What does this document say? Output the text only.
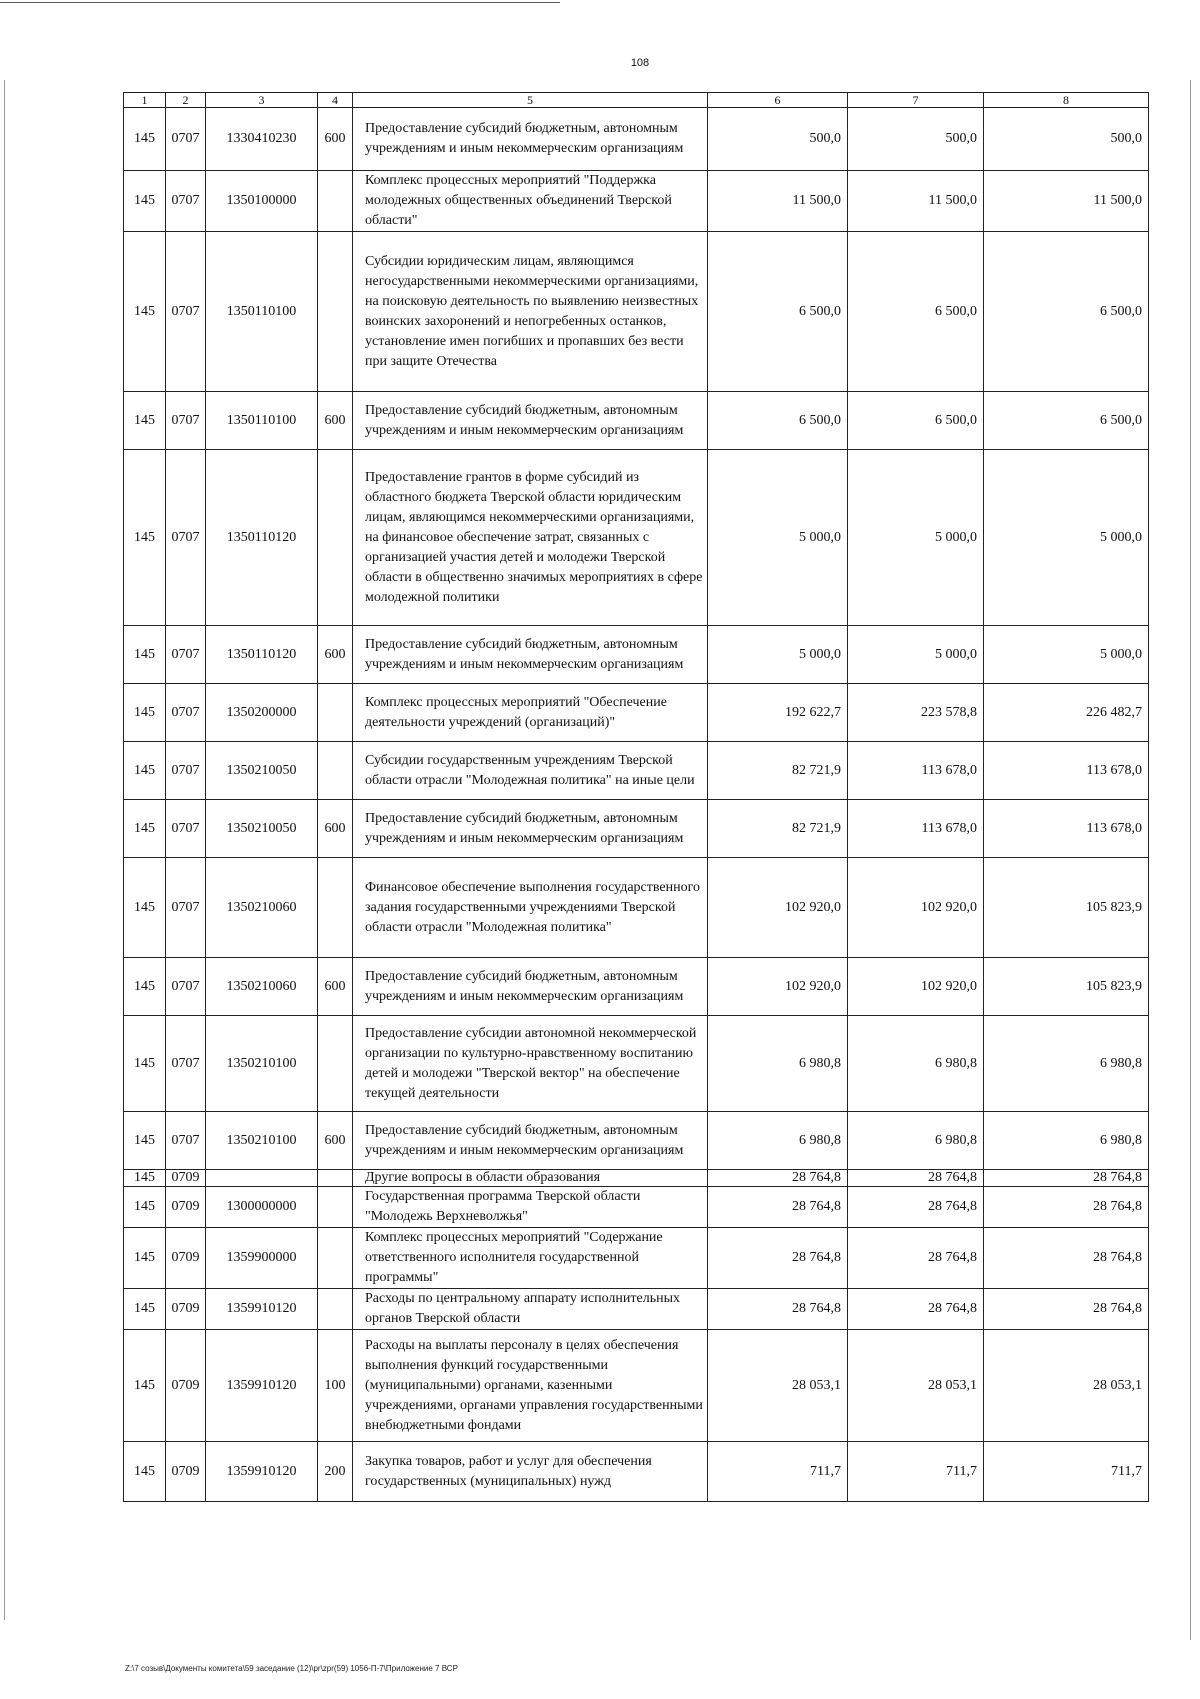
108
1	2	3	4	5	6	7	8
145	0707	1330410230	600	Предоставление субсидий бюджетным, автономным учреждениям и иным некоммерческим организациям	500,0	500,0	500,0
145	0707	1350100000		Комплекс процессных мероприятий "Поддержка молодежных общественных объединений Тверской области"	11 500,0	11 500,0	11 500,0
145	0707	1350110100		Субсидии юридическим лицам, являющимся негосударственными некоммерческими организациями, на поисковую деятельность по выявлению неизвестных воинских захоронений и непогребенных останков, установление имен погибших и пропавших без вести при защите Отечества	6 500,0	6 500,0	6 500,0
145	0707	1350110100	600	Предоставление субсидий бюджетным, автономным учреждениям и иным некоммерческим организациям	6 500,0	6 500,0	6 500,0
145	0707	1350110120		Предоставление грантов в форме субсидий из областного бюджета Тверской области юридическим лицам, являющимся некоммерческими организациями, на финансовое обеспечение затрат, связанных с организацией участия детей и молодежи Тверской области в общественно значимых мероприятиях в сфере молодежной политики	5 000,0	5 000,0	5 000,0
145	0707	1350110120	600	Предоставление субсидий бюджетным, автономным учреждениям и иным некоммерческим организациям	5 000,0	5 000,0	5 000,0
145	0707	1350200000		Комплекс процессных мероприятий "Обеспечение деятельности учреждений (организаций)"	192 622,7	223 578,8	226 482,7
145	0707	1350210050		Субсидии государственным учреждениям Тверской области отрасли "Молодежная политика" на иные цели	82 721,9	113 678,0	113 678,0
145	0707	1350210050	600	Предоставление субсидий бюджетным, автономным учреждениям и иным некоммерческим организациям	82 721,9	113 678,0	113 678,0
145	0707	1350210060		Финансовое обеспечение выполнения государственного задания государственными учреждениями Тверской области отрасли "Молодежная политика"	102 920,0	102 920,0	105 823,9
145	0707	1350210060	600	Предоставление субсидий бюджетным, автономным учреждениям и иным некоммерческим организациям	102 920,0	102 920,0	105 823,9
145	0707	1350210100		Предоставление субсидии автономной некоммерческой организации по культурно-нравственному воспитанию детей и молодежи "Тверской вектор" на обеспечение текущей деятельности	6 980,8	6 980,8	6 980,8
145	0707	1350210100	600	Предоставление субсидий бюджетным, автономным учреждениям и иным некоммерческим организациям	6 980,8	6 980,8	6 980,8
145	0709			Другие вопросы в области образования	28 764,8	28 764,8	28 764,8
145	0709	1300000000		Государственная программа Тверской области "Молодежь Верхневолжья"	28 764,8	28 764,8	28 764,8
145	0709	1359900000		Комплекс процессных мероприятий "Содержание ответственного исполнителя государственной программы"	28 764,8	28 764,8	28 764,8
145	0709	1359910120		Расходы по центральному аппарату исполнительных органов Тверской области	28 764,8	28 764,8	28 764,8
145	0709	1359910120	100	Расходы на выплаты персоналу в целях обеспечения выполнения функций государственными (муниципальными) органами, казенными учреждениями, органами управления государственными внебюджетными фондами	28 053,1	28 053,1	28 053,1
145	0709	1359910120	200	Закупка товаров, работ и услуг для обеспечения государственных (муниципальных) нужд	711,7	711,7	711,7
Z:\7 созыв\Документы комитета\59 заседание (12)\pr\zpr(59) 1056-П-7\Приложение 7 ВСР
